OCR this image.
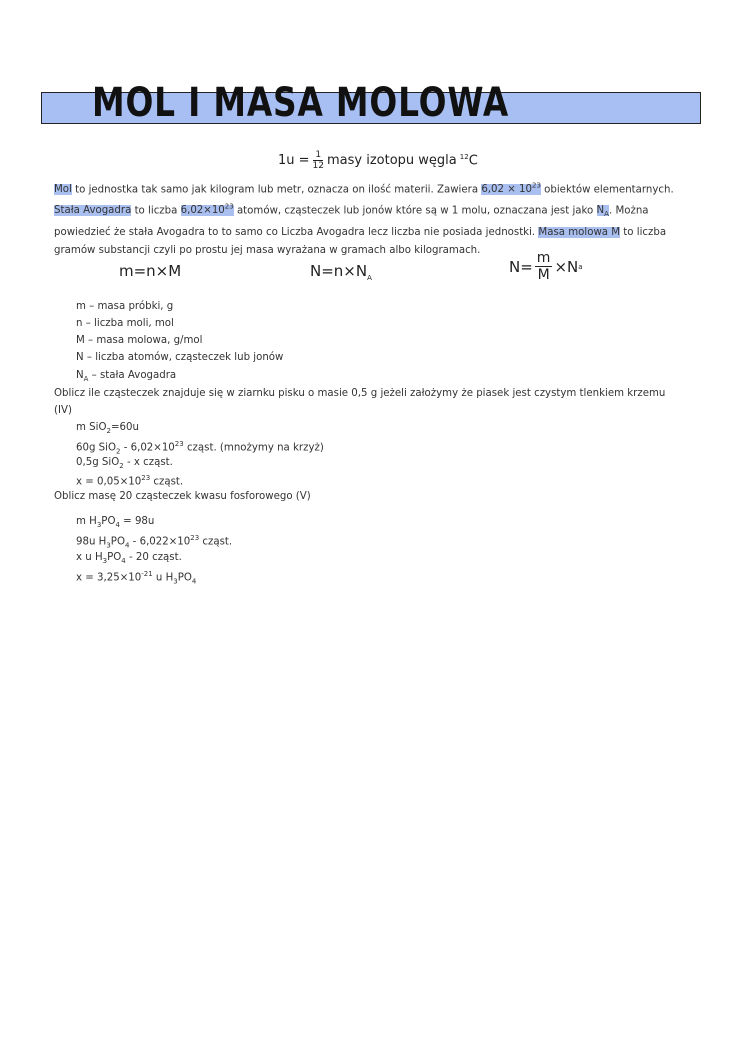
MOL I MASA MOLOWA
$1u = \frac{1}{12}$ masy izotopu węgla $^{12}$C

Mol to jednostka tak samo jak kilogram lub metr, oznacza on ilość materii. Zawiera $6,02 \times 10^{23}$ obiektów elementarnych. Stała Avogadra to liczba $6,02\times 10^{23}$ atomów, cząsteczek lub jonów które są w 1 molu, oznaczana jest jako $N_A$. Można powiedzieć że stała Avogadra to to samo co Liczba Avogadra lecz liczba nie posiada jednostki. Masa molowa M to liczba gramów substancji czyli po prostu jej masa wyrażana w gramach albo kilogramach.

m=n×M	$N=n\times N_A$
$N= \frac{m}{M} \times N$ a
m – masa próbki, g
n – liczba moli, mol
M – masa molowa, g/mol
N – liczba atomów, cząsteczek lub jonów
$N_A$ – stała Avogadra
Oblicz ile cząsteczek znajduje się w ziarnku pisku o masie 0,5 g jeżeli założymy że piasek jest czystym tlenkiem krzemu
(IV)
m SiO$_2$=60u
60g $SiO_2 - 6,02\times 10^{23}$ cząst. (mnożymy na krzyż)
0,5g SiO$_2$ - x cząst.
$x = 0,05\times 10^{23}$ cząst.
Oblicz masę 20 cząsteczek kwasu fosforowego (V)
m $H_3PO_4 = 98u$
98u $H_3PO_4 - 6,022\times 10^{23}$ cząst.
x u $H_3PO_4 - 20$ cząst.
$x = 3,25\times 10^{-21}$ u $H_3PO_4$
